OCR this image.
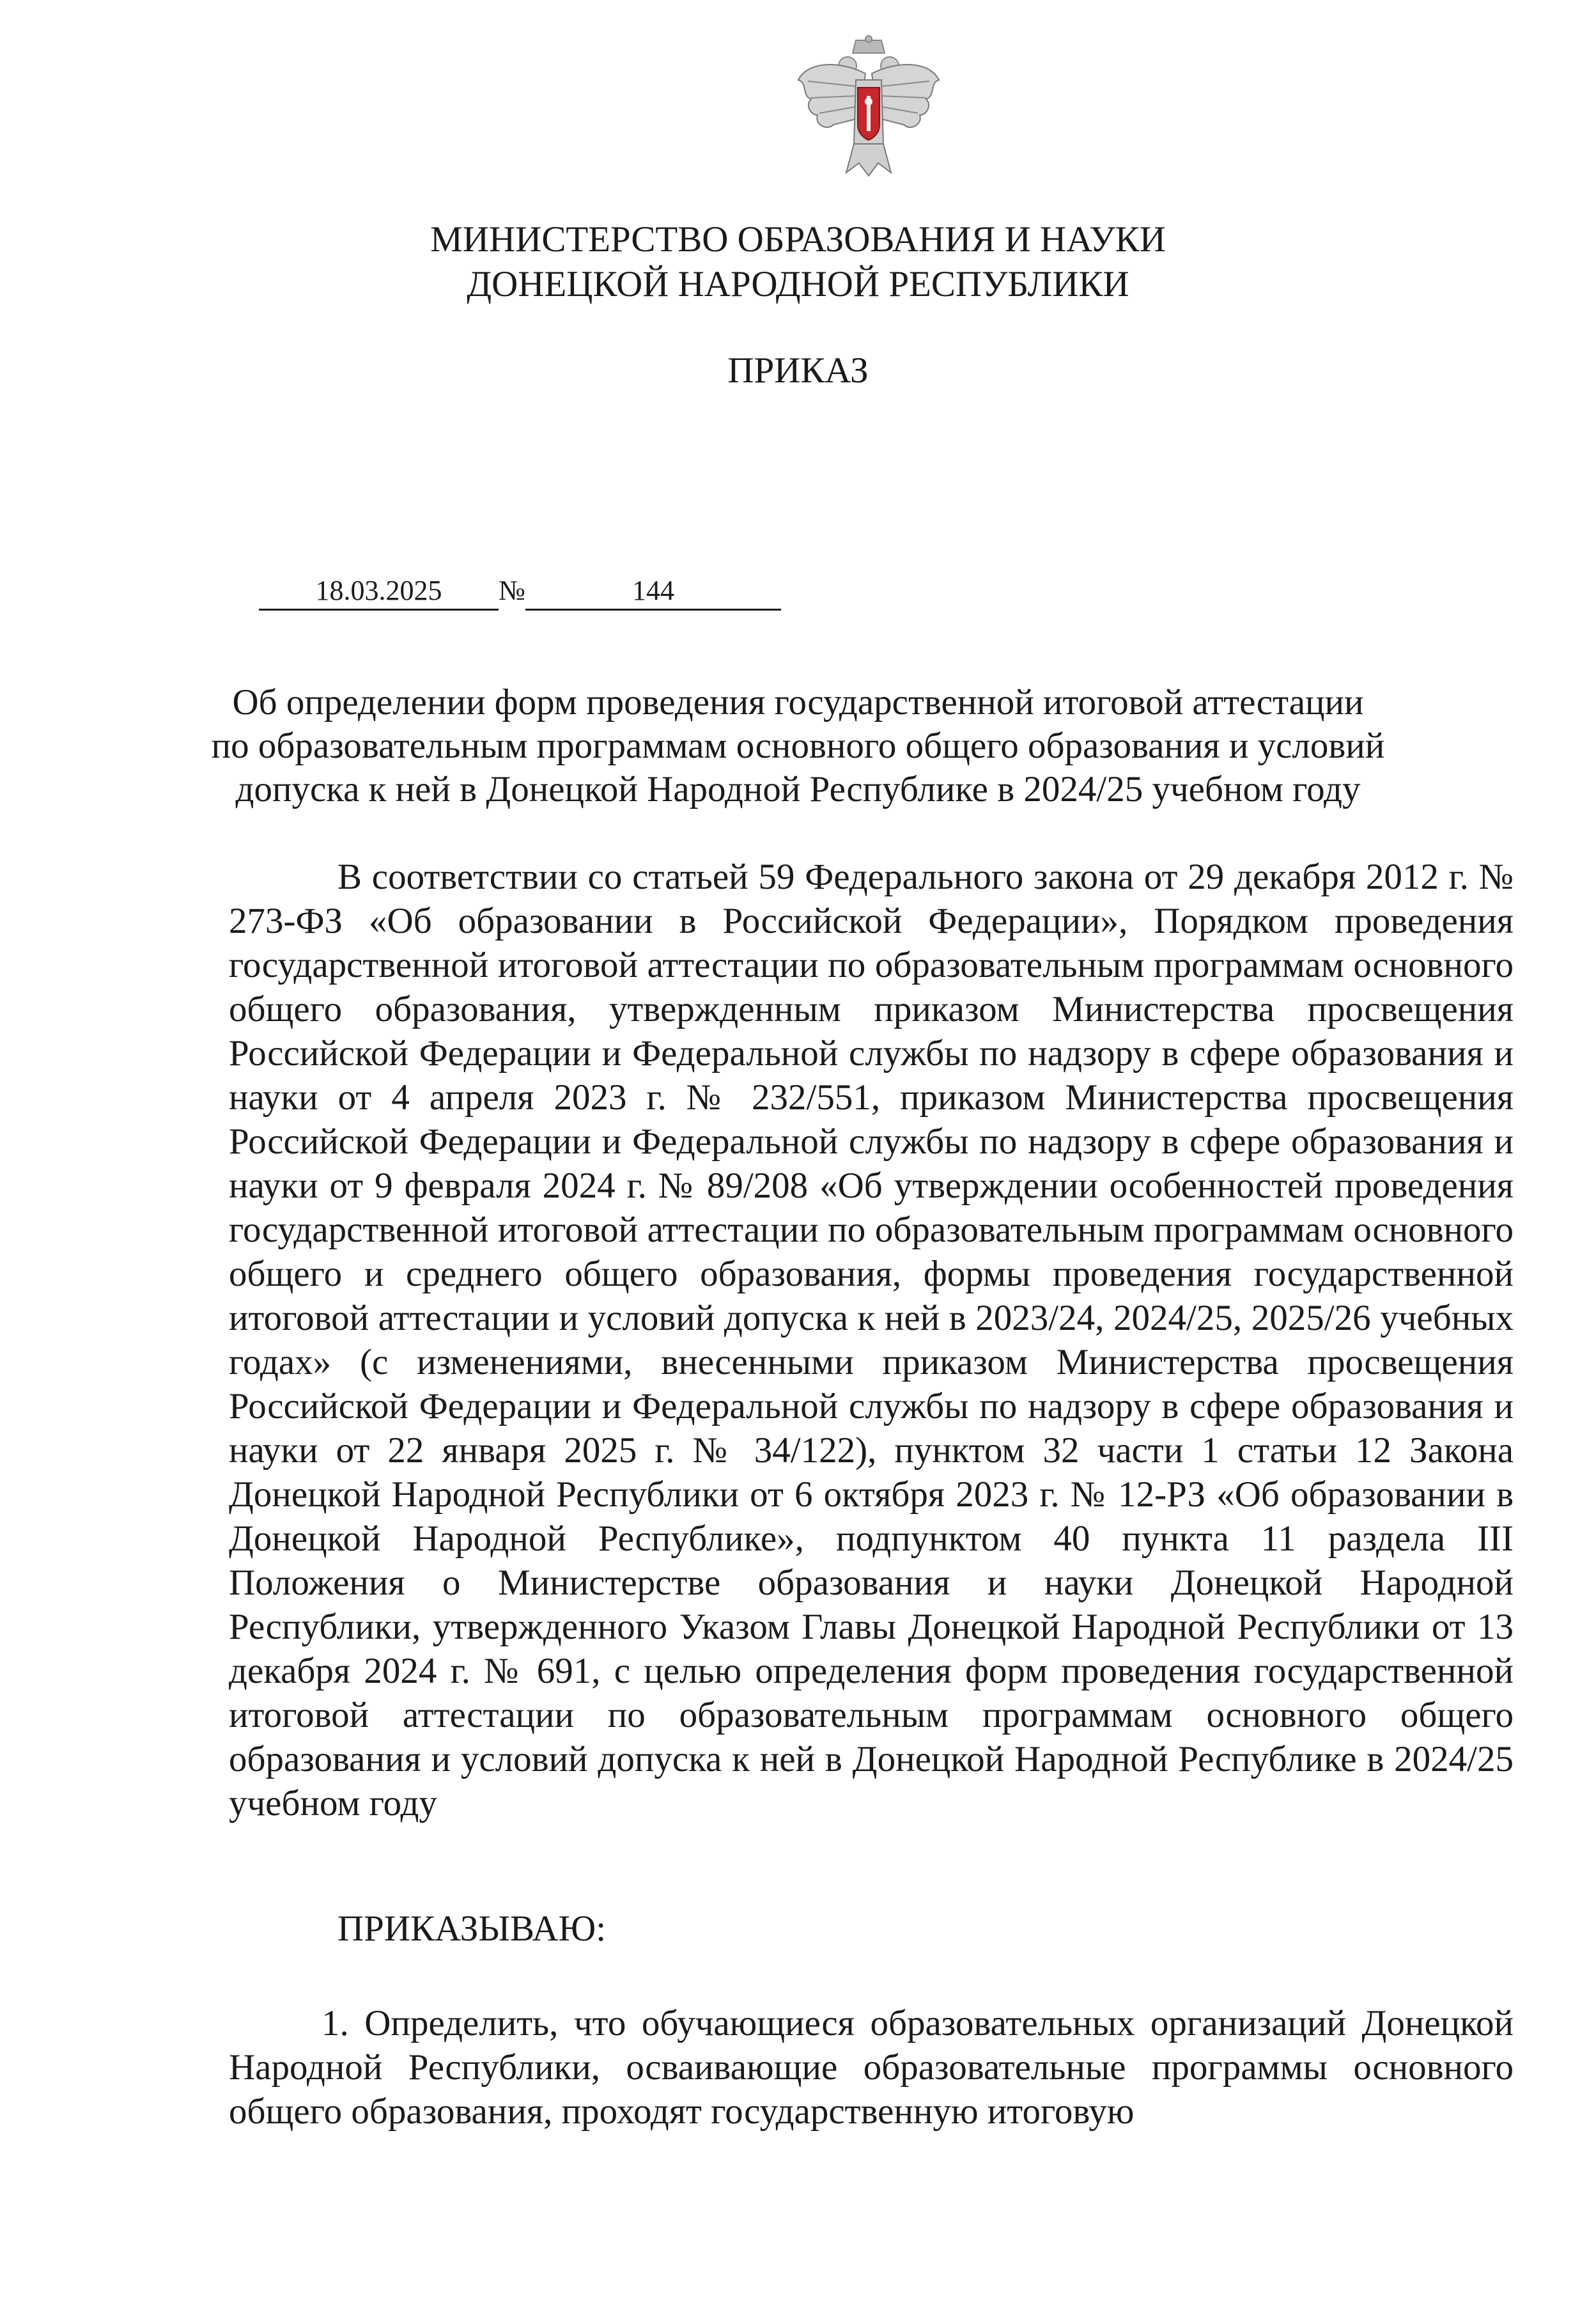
МИНИСТЕРСТВО ОБРАЗОВАНИЯ И НАУКИ
ДОНЕЦКОЙ НАРОДНОЙ РЕСПУБЛИКИ
ПРИКАЗ
18.03.2025 №	144
Об определении форм проведения государственной итоговой аттестации
по образовательным программам основного общего образования и условий
допуска к ней в Донецкой Народной Республике в 2024/25 учебном году
В соответствии со статьей 59 Федерального закона от 29 декабря 2012 г. № 273-ФЗ «Об образовании в Российской Федерации», Порядком проведения государственной итоговой аттестации по образовательным программам основного общего образования, утвержденным приказом Министерства просвещения Российской Федерации и Федеральной службы по надзору в сфере образования и науки от 4 апреля 2023 г. № 232/551, приказом Министерства просвещения Российской Федерации и Федеральной службы по надзору в сфере образования и науки от 9 февраля 2024 г. № 89/208 «Об утверждении особенностей проведения государственной итоговой аттестации по образовательным программам основного общего и среднего общего образования, формы проведения государственной итоговой аттестации и условий допуска к ней в 2023/24, 2024/25, 2025/26 учебных годах» (с изменениями, внесенными приказом Министерства просвещения Российской Федерации и Федеральной службы по надзору в сфере образования и науки от 22 января 2025 г. № 34/122), пунктом 32 части 1 статьи 12 Закона Донецкой Народной Республики от 6 октября 2023 г. № 12-РЗ «Об образовании в Донецкой Народной Республике», подпунктом 40 пункта 11 раздела III Положения о Министерстве образования и науки Донецкой Народной Республики, утвержденного Указом Главы Донецкой Народной Республики от 13 декабря 2024 г. № 691, с целью определения форм проведения государственной итоговой аттестации по образовательным программам основного общего образования и условий допуска к ней в Донецкой Народной Республике в 2024/25 учебном году
ПРИКАЗЫВАЮ:
1. Определить, что обучающиеся образовательных организаций Донецкой Народной Республики, осваивающие образовательные программы основного общего образования, проходят государственную итоговую
